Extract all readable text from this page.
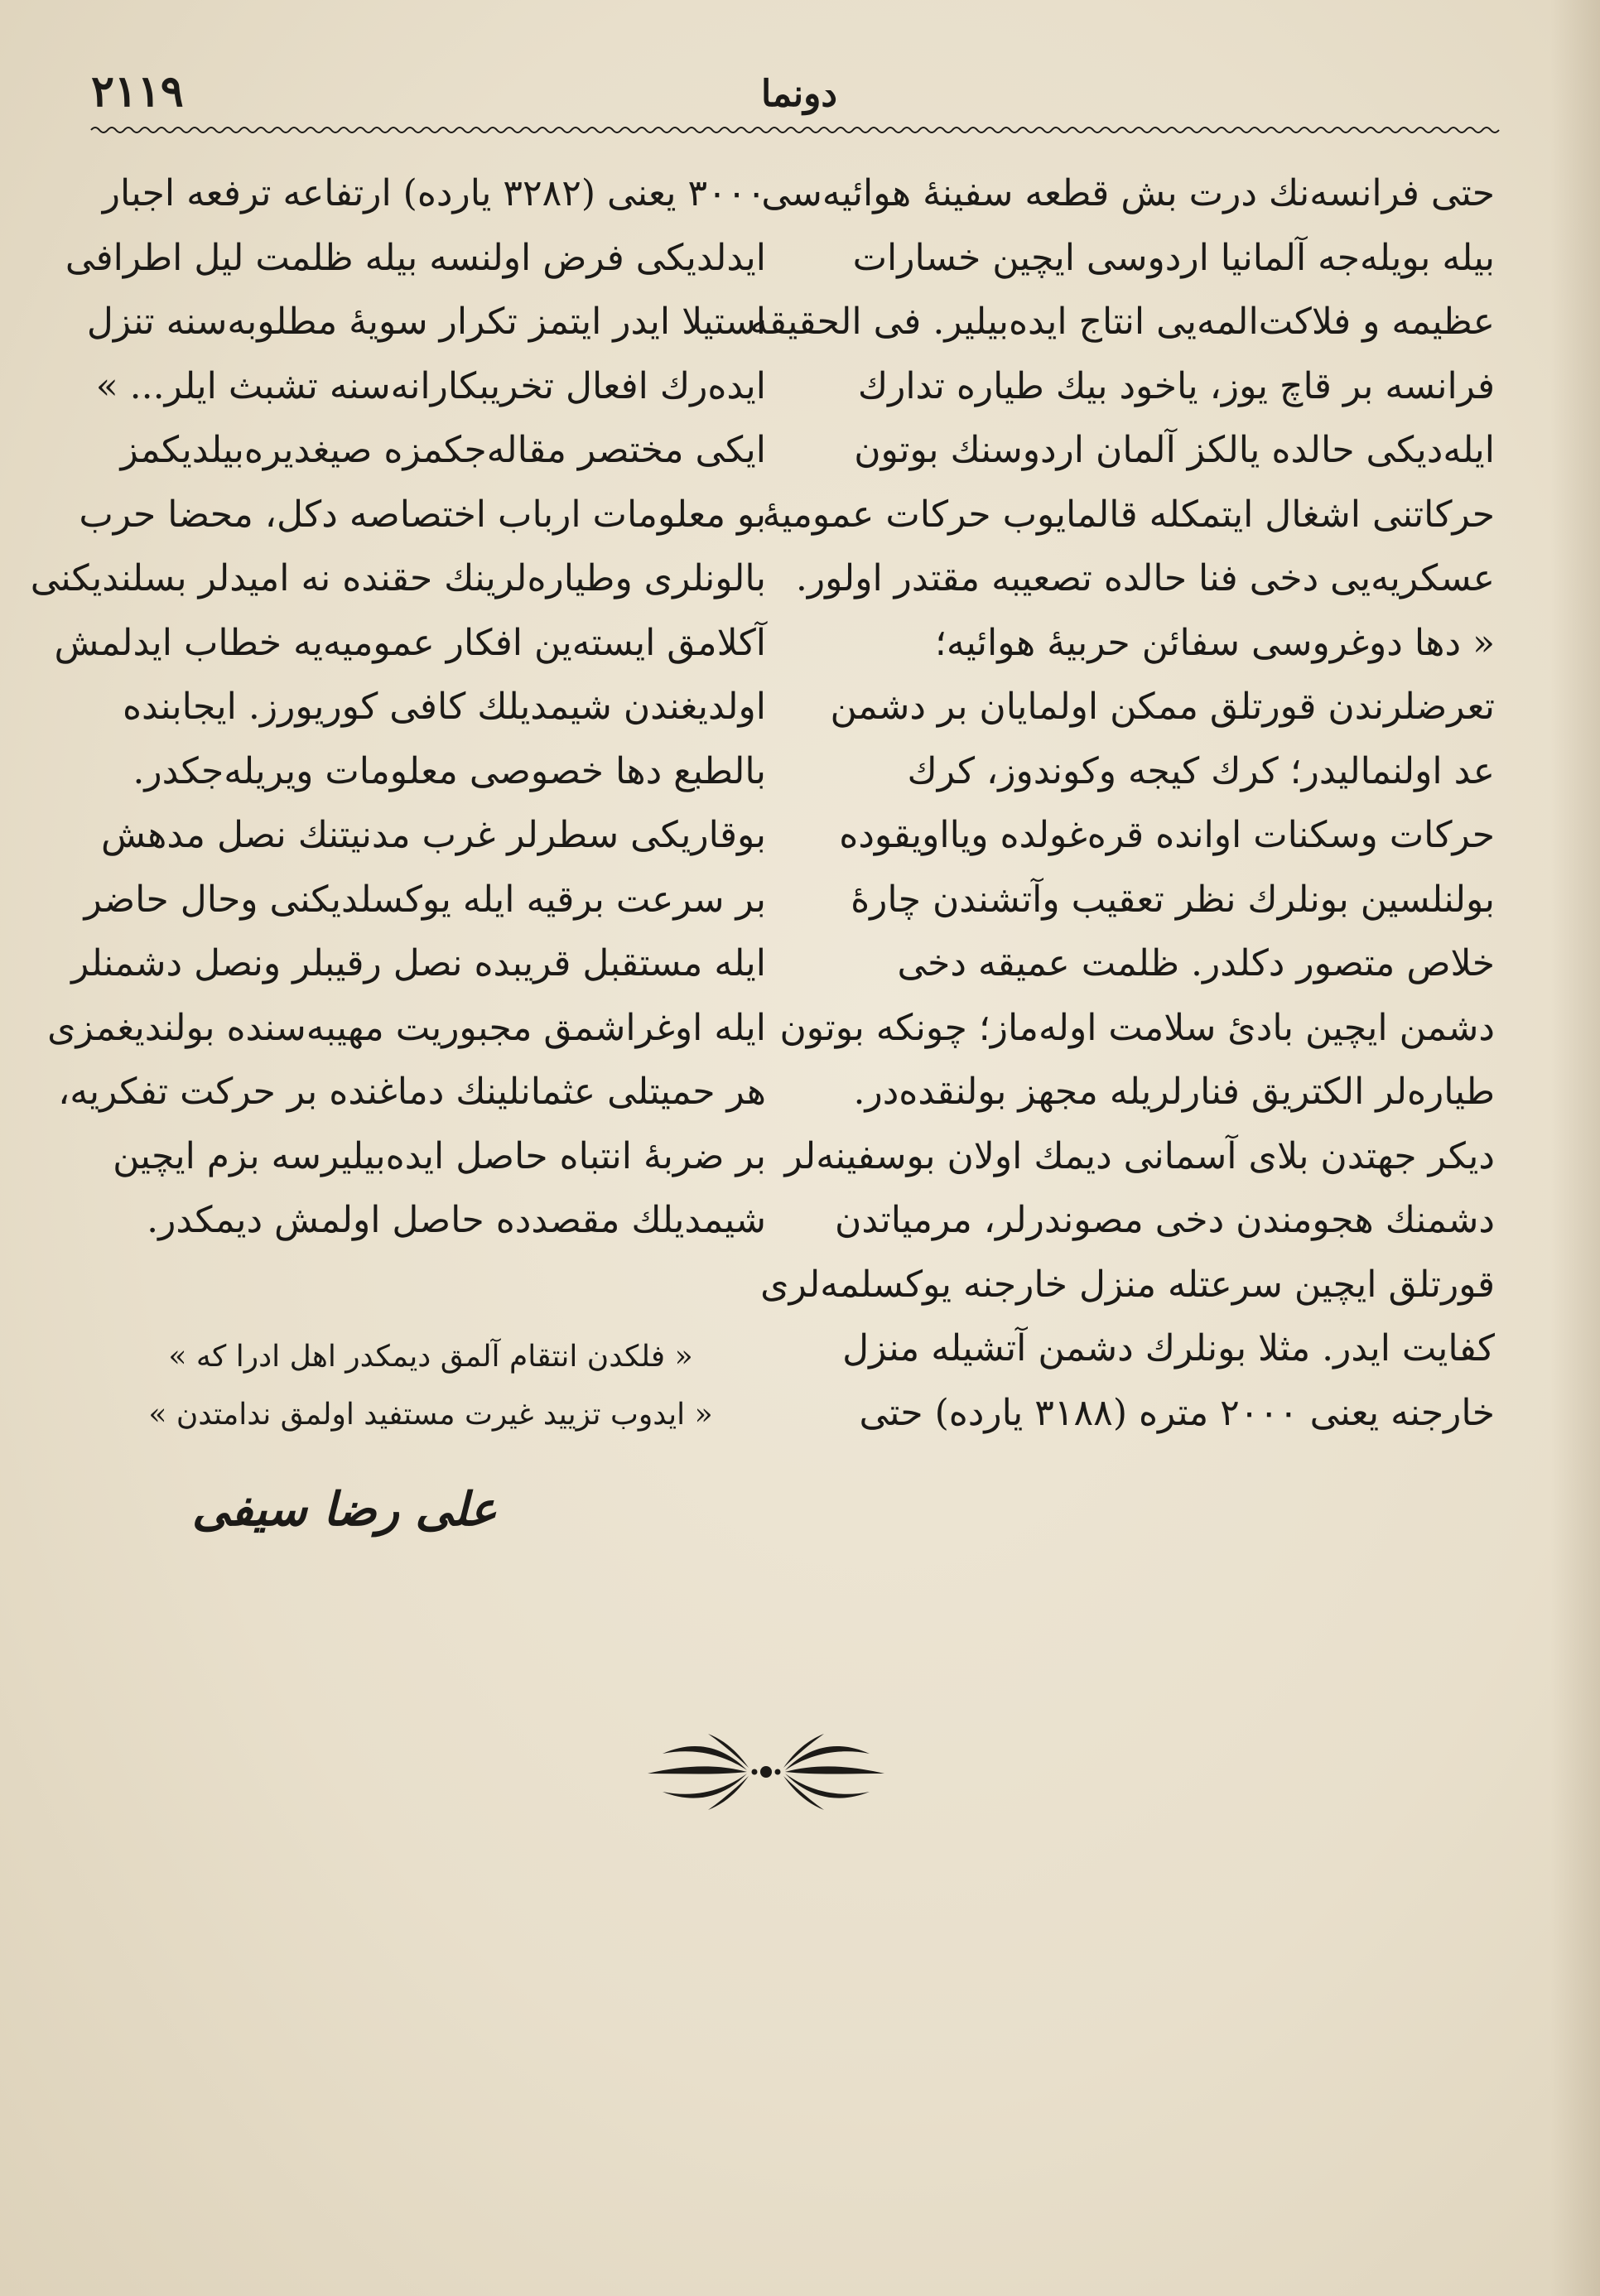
۲۱۱۹	دونما

حتی فرانسه‌نك درت بش قطعه سفینهٔ هوائیه‌سی

بیله بویله‌جه آلمانیا اردوسی ایچین خسارات

عظیمه و فلاکت‌المه‌یی انتاج ایده‌بیلیر. فی الحقیقه

فرانسه بر قاچ یوز، یاخود بیك طیاره تدارك

ایله‌دیکی حالده یالکز آلمان اردوسنك بوتون

حرکاتنی اشغال ایتمکله قالمایوب حرکات عمومیهٔ

عسکریه‌یی دخی فنا حالده تصعیبه مقتدر اولور.

« دها دوغروسی سفائن حربیهٔ هوائیه؛

تعرضلرندن قورتلق ممکن اولمایان بر دشمن

عد اولنمالیدر؛ کرك کیجه وکوندوز، کرك

حرکات وسکنات اوانده قره‌غولده ویااویقوده

بولنلسین بونلرك نظر تعقیب وآتشندن چارهٔ

خلاص متصور دکلدر. ظلمت عمیقه دخی

دشمن ایچین بادیٔ سلامت اوله‌ماز؛ چونکه بوتون

طیاره‌لر الکتریق فنارلریله مجهز بولنقده‌در.

دیکر جهتدن بلای آسمانی دیمك اولان بوسفینه‌لر

دشمنك هجومندن دخی مصوندرلر، مرمیاتدن

قورتلق ایچین سرعتله منزل خارجنه یوکسلمه‌لری

کفایت ایدر. مثلا بونلرك دشمن آتشیله منزل

خارجنه یعنی ۲۰۰۰ متره (۳۱۸۸ یارده) حتی

۳۰۰۰ یعنی (۳۲۸۲ یارده) ارتفاعه ترفعه اجبار

ایدلدیکی فرض اولنسه بیله ظلمت لیل اطرافی

استیلا ایدر ایتمز تکرار سویهٔ مطلوبه‌سنه تنزل

ایده‌رك افعال تخریبکارانه‌سنه تشبث ایلر... »

ایکی مختصر مقاله‌جکمزه صیغدیره‌بیلدیکمز

بو معلومات ارباب اختصاصه دکل، محضا حرب

بالونلری وطیاره‌لرینك حقنده نه امیدلر بسلندیکنی

آکلامق ایسته‌ین افکار عمومیه‌یه خطاب ایدلمش

اولدیغندن شیمدیلك کافی کوریورز. ایجابنده

بالطبع دها خصوصی معلومات ویریله‌جکدر.

بوقاریکی سطرلر غرب مدنیتنك نصل مدهش

بر سرعت برقیه ایله یوکسلدیکنی وحال حاضر

ایله مستقبل قریبده نصل رقیبلر ونصل دشمنلر

ایله اوغراشمق مجبوریت مهیبه‌سنده بولندیغمزی

هر حمیتلی عثمانلینك دماغنده بر حرکت تفکریه،

بر ضربهٔ انتباه حاصل ایده‌بیلیرسه بزم ایچین

شیمدیلك مقصدده حاصل اولمش دیمکدر.

« فلکدن انتقام آلمق دیمکدر اهل ادرا که »
« ایدوب تزیید غیرت مستفید اولمق ندامتدن »
علی رضا سیفی
